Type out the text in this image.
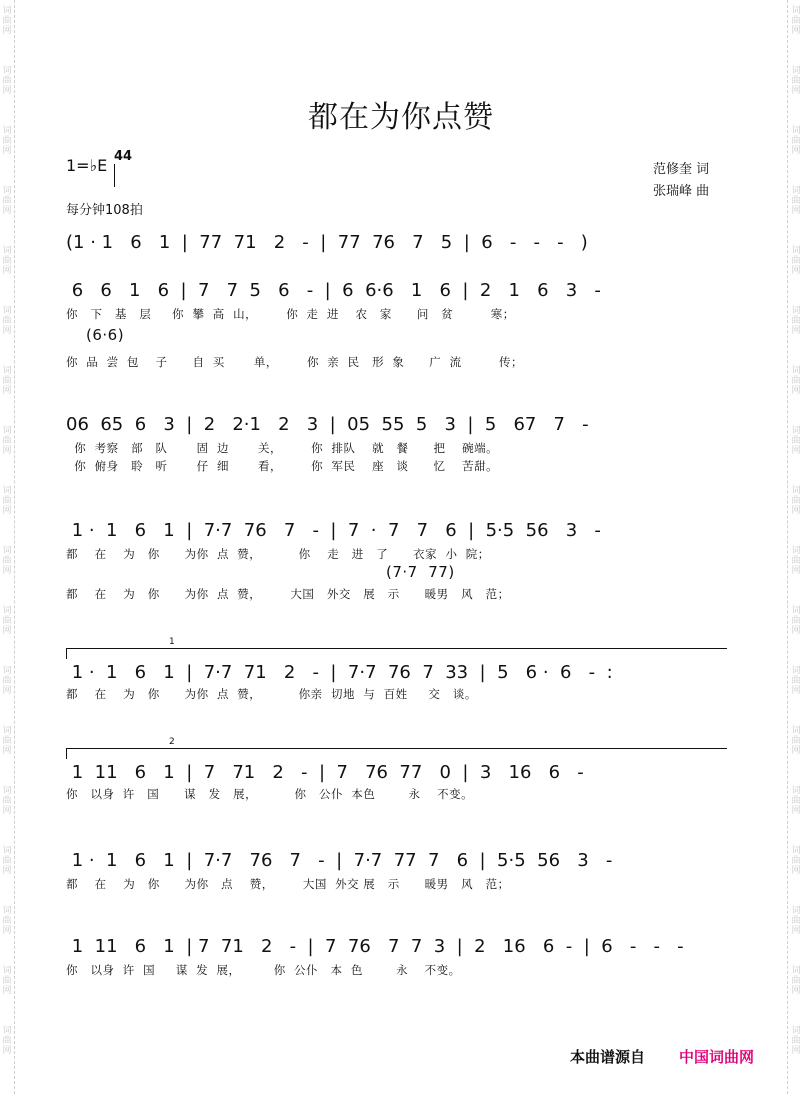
词
曲
网
词
曲
网
词
曲
网
词
曲
网
词
曲
网
词
曲
网
词
曲
网
词
曲
网
词
曲
网
词
曲
网
词
曲
网
词
曲
网
词
曲
网
词
曲
网
词
曲
网
词
曲
网
词
曲
网
词
曲
网
词
曲
网
词
曲
网
词
曲
网
词
曲
网
词
曲
网
词
曲
网
词
曲
网
词
曲
网
词
曲
网
词
曲
网
词
曲
网
词
曲
网
词
曲
网
词
曲
网
词
曲
网
词
曲
网
词
曲
网
词
曲
网
都在为你点赞
1=♭E 4
4
每分钟108拍
范修奎 词
张瑞峰 曲
(1 · 1   6   1  |  77  71   2   -  |  77  76   7   5  |  6   -   -   -   )
6   6   1   6  |  7   7  5   6   -  |  6  6·6   1   6  |  2   1   6   3   -
你   下   基   层     你  攀  高  山，       你  走  进    农   家      问   贫         寒；
(6·6)
你  品  尝  包    子      自  买       单，       你  亲  民   形  象      广  流         传；
06  65  6   3  |  2   2·1   2   3  |  05  55  5   3  |  5   67   7   -
你  考察   部   队       固  边       关，       你  排队    就   餐      把    碗端。
你  俯身   聆   听       仔  细       看，       你  军民    座   谈      忆    苦甜。
1 ·  1   6   1  |  7·7  76   7   -  |  7  ·  7   7   6  |  5·5  56   3   -
都    在    为   你      为你  点  赞，         你    走   进   了      衣家  小  院；
(7·7  77)
都    在    为   你      为你  点  赞，       大国   外交   展   示      暖男   风   范；
1
1 ·  1   6   1  |  7·7  71   2   -  |  7·7  76  7  33  |  5   6 ·  6   -  :
都    在    为   你      为你  点  赞，         你亲  切地  与  百姓     交   谈。
2
1  11   6   1  |  7   71   2   -  |  7   76  77   0  |  3   16   6   -
你   以身  许   国      谋   发   展，         你   公仆  本色        永    不变。
1 ·  1   6   1  |  7·7   76   7   -  |  7·7  77  7   6  |  5·5  56   3   -
都    在    为   你      为你   点    赞，       大国  外交 展   示      暖男   风   范；
1  11   6   1  | 7  71   2   -  |  7  76   7  7  3  |  2   16   6  -  |  6   -   -   -
你   以身  许  国     谋  发  展，        你  公仆   本  色        永    不变。
本曲谱源自 中国词曲网
